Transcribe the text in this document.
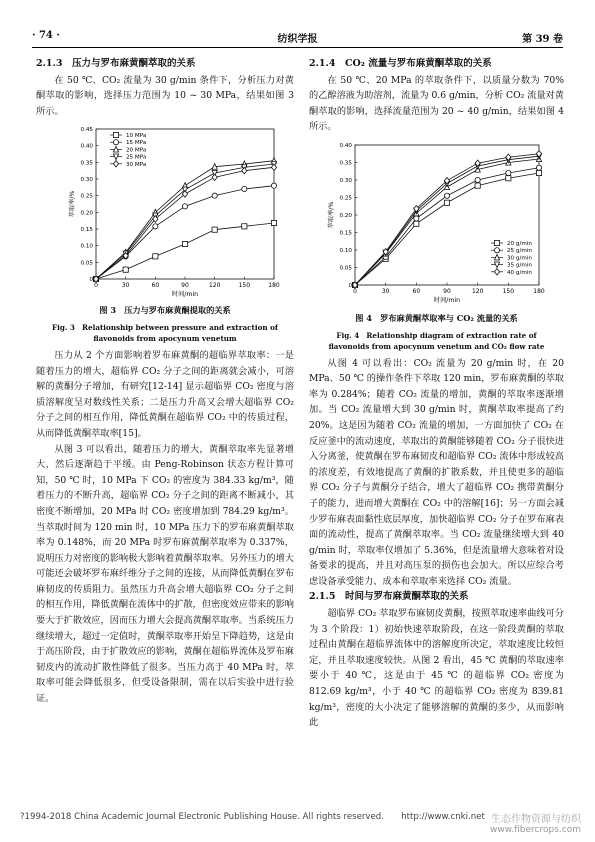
· 74 ·	纺织学报	第 39 卷
2.1.3　压力与罗布麻黄酮萃取的关系
在 50 ℃、CO₂ 流量为 30 g/min 条件下，分析压力对黄酮萃取的影响，选择压力范围为 10 ~ 30 MPa，结果如图 3 所示。
0	30	60	90	120	150	180
0
0.05
0.10
0.15
0.20
0.25
0.30
0.35
0.40
0.45
时间/min
萃取率/%
10 MPa
15 MPa
20 MPa
25 MPa
30 MPa
图 3　压力与罗布麻黄酮提取的关系
Fig. 3　Relationship between pressure and extraction of flavonoids from apocynum venetum
压力从 2 个方面影响着罗布麻黄酮的超临界萃取率：一是随着压力的增大，超临界 CO₂ 分子之间的距离就会减小，可溶解的黄酮分子增加，有研究[12-14] 显示超临界 CO₂ 密度与溶质溶解度呈对数线性关系；二是压力升高又会增大超临界 CO₂ 分子之间的相互作用，降低黄酮在超临界 CO₂ 中的传质过程，从而降低黄酮萃取率[15]。
从图 3 可以看出，随着压力的增大，黄酮萃取率先显著增大，然后逐渐趋于平缓。由 Peng-Robinson 状态方程计算可知，50 ℃ 时，10 MPa 下 CO₂ 的密度为 384.33 kg/m³，随着压力的不断升高，超临界 CO₂ 分子之间的距离不断减小，其密度不断增加，20 MPa 时 CO₂ 密度增加到 784.29 kg/m³。当萃取时间为 120 min 时，10 MPa 压力下的罗布麻黄酮萃取率为 0.148%，而 20 MPa 时罗布麻黄酮萃取率为 0.337%，说明压力对密度的影响极大影响着黄酮萃取率。另外压力的增大可能还会破坏罗布麻纤维分子之间的连接，从而降低黄酮在罗布麻韧皮的传质阻力。虽然压力升高会增大超临界 CO₂ 分子之间的相互作用，降低黄酮在流体中的扩散，但密度效应带来的影响要大于扩散效应，因而压力增大会提高黄酮萃取率。当系统压力继续增大，超过一定值时，黄酮萃取率开始呈下降趋势，这是由于高压阶段，由于扩散效应的影响，黄酮在超临界流体及罗布麻韧皮内的流动扩散性降低了很多。当压力高于 40 MPa 时，萃取率可能会降低很多，但受设备限制，需在以后实验中进行验证。
2.1.4　CO₂ 流量与罗布麻黄酮萃取的关系
在 50 ℃、20 MPa 的萃取条件下，以质量分数为 70% 的乙醇溶液为助溶剂，流量为 0.6 g/min，分析 CO₂ 流量对黄酮萃取的影响，选择流量范围为 20 ~ 40 g/min，结果如图 4 所示。
0	30	60	90	120	150	180
0
0.05
0.10
0.15
0.20
0.25
0.30
0.35
0.40
时间/min
萃取率/%
20 g/min
25 g/min
30 g/min
35 g/min
40 g/min
图 4　罗布麻黄酮萃取率与 CO₂ 流量的关系
Fig. 4　Relationship diagram of extraction rate of flavonoids from apocynum venetum and CO₂ flow rate
从图 4 可以看出：CO₂ 流量为 20 g/min 时，在 20 MPa、50 ℃ 的操作条件下萃取 120 min，罗布麻黄酮的萃取率为 0.284%；随着 CO₂ 流量的增加，黄酮的萃取率逐渐增加。当 CO₂ 流量增大到 30 g/min 时，黄酮萃取率提高了约 20%。这是因为随着 CO₂ 流量的增加，一方面加快了 CO₂ 在反应釜中的流动速度，萃取出的黄酮能够随着 CO₂ 分子很快进入分离釜，使黄酮在罗布麻韧皮和超临界 CO₂ 流体中形成较高的浓度差，有效地提高了黄酮的扩散系数，并且使更多的超临界 CO₂ 分子与黄酮分子结合，增大了超临界 CO₂ 携带黄酮分子的能力，进而增大黄酮在 CO₂ 中的溶解[16]；另一方面会减少罗布麻表面黏性底层厚度，加快超临界 CO₂ 分子在罗布麻表面的流动性，提高了黄酮萃取率。当 CO₂ 流量继续增大到 40 g/min 时，萃取率仅增加了 5.36%，但是流量增大意味着对设备要求的提高，并且对高压泵的损伤也会加大。所以应综合考虑设备承受能力、成本和萃取率来选择 CO₂ 流量。
2.1.5　时间与罗布麻黄酮萃取的关系
超临界 CO₂ 萃取罗布麻韧皮黄酮，按照萃取速率曲线可分为 3 个阶段：1）初始快速萃取阶段，在这一阶段黄酮的萃取过程由黄酮在超临界流体中的溶解度所决定，萃取速度比较恒定，并且萃取速度较快。从图 2 看出，45 ℃ 黄酮的萃取速率要小于 40 ℃，这是由于 45 ℃ 的超临界 CO₂ 密度为 812.69 kg/m³，小于 40 ℃ 的超临界 CO₂ 密度为 839.81 kg/m³，密度的大小决定了能够溶解的黄酮的多少，从而影响此
?1994-2018 China Academic Journal Electronic Publishing House. All rights reserved.　　http://www.cnki.net 生态作物资源与纺织
www.fibercrops.com
